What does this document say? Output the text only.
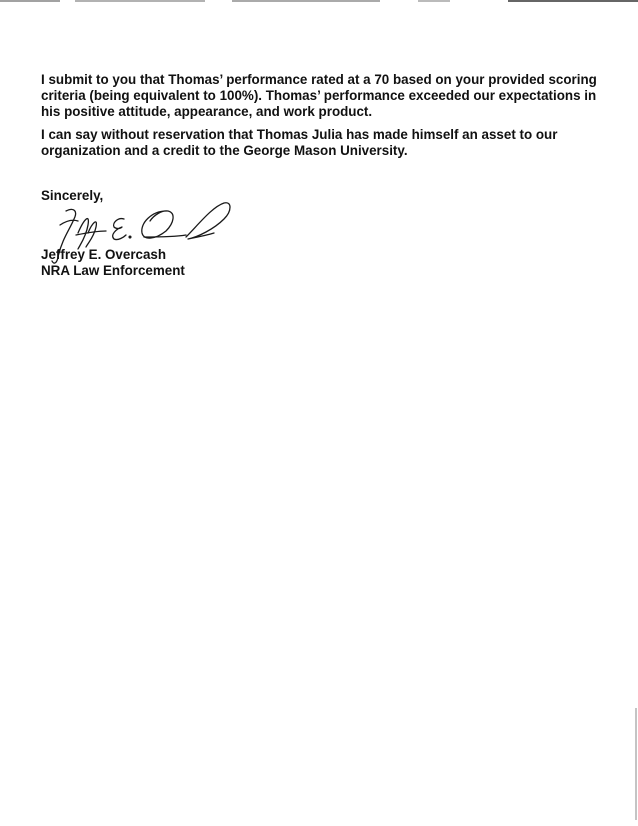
I submit to you that Thomas’ performance rated at a 70 based on your provided scoring criteria (being equivalent to 100%). Thomas’ performance exceeded our expectations in his positive attitude, appearance, and work product.

I can say without reservation that Thomas Julia has made himself an asset to our organization and a credit to the George Mason University.

Sincerely,
Jeffrey E. Overcash
NRA Law Enforcement
